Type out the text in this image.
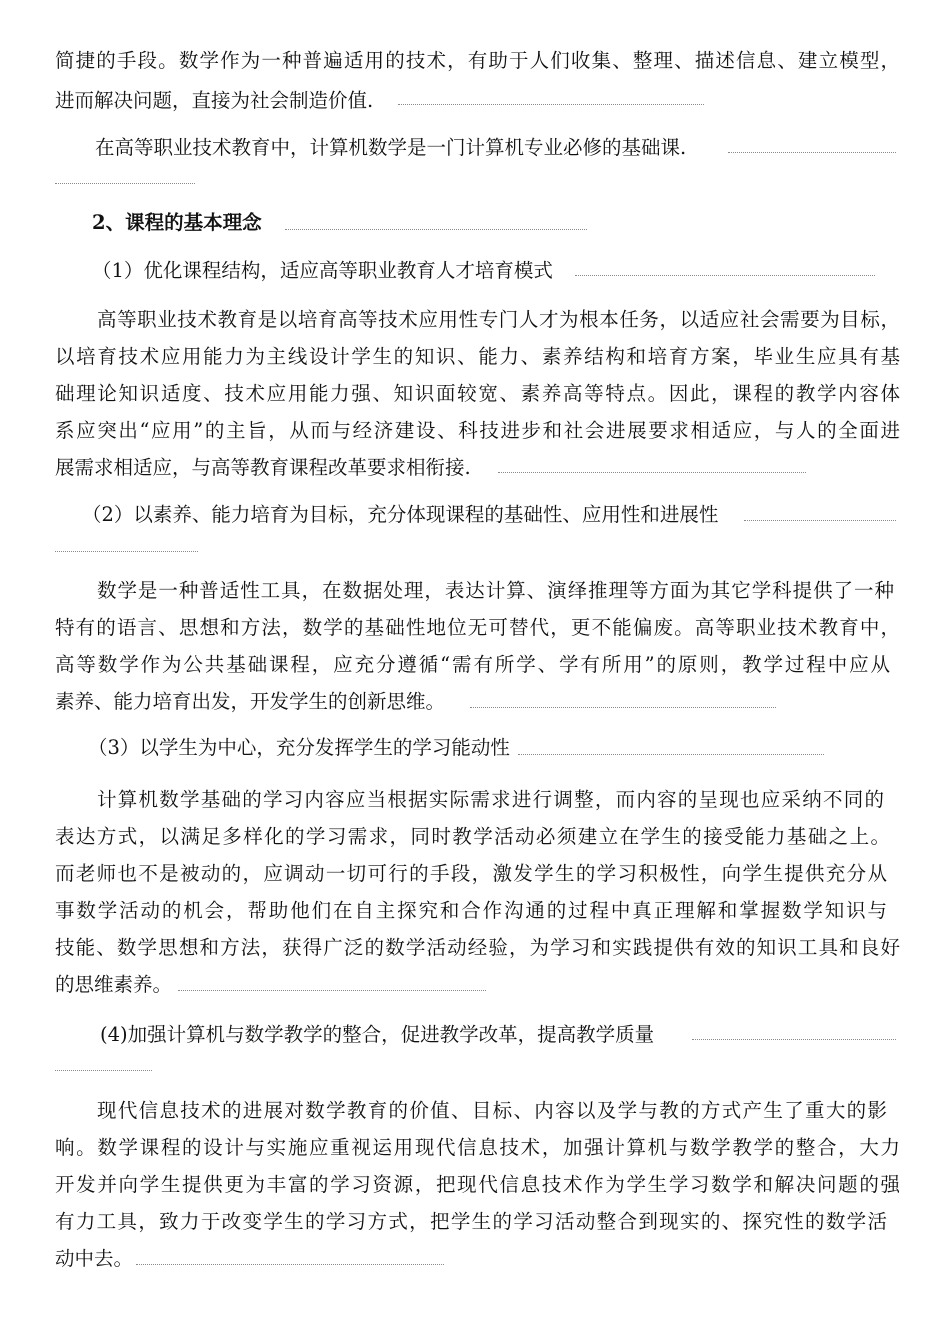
简捷的手段。数学作为一种普遍适用的技术，有助于人们收集、整理、描述信息、建立模型，
进而解决问题，直接为社会制造价值.
在高等职业技术教育中，计算机数学是一门计算机专业必修的基础课.
2、课程的基本理念
（1）优化课程结构，适应高等职业教育人才培育模式
高等职业技术教育是以培育高等技术应用性专门人才为根本任务，以适应社会需要为目标，
以培育技术应用能力为主线设计学生的知识、能力、素养结构和培育方案，毕业生应具有基
础理论知识适度、技术应用能力强、知识面较宽、素养高等特点。因此，课程的教学内容体
系应突出“应用”的主旨，从而与经济建设、科技进步和社会进展要求相适应，与人的全面进
展需求相适应，与高等教育课程改革要求相衔接.
（2）以素养、能力培育为目标，充分体现课程的基础性、应用性和进展性
数学是一种普适性工具，在数据处理，表达计算、演绎推理等方面为其它学科提供了一种
特有的语言、思想和方法，数学的基础性地位无可替代，更不能偏废。高等职业技术教育中，
高等数学作为公共基础课程，应充分遵循“需有所学、学有所用”的原则，教学过程中应从
素养、能力培育出发，开发学生的创新思维。
（3）以学生为中心，充分发挥学生的学习能动性
计算机数学基础的学习内容应当根据实际需求进行调整，而内容的呈现也应采纳不同的
表达方式，以满足多样化的学习需求，同时教学活动必须建立在学生的接受能力基础之上。
而老师也不是被动的，应调动一切可行的手段，激发学生的学习积极性，向学生提供充分从
事数学活动的机会，帮助他们在自主探究和合作沟通的过程中真正理解和掌握数学知识与
技能、数学思想和方法，获得广泛的数学活动经验，为学习和实践提供有效的知识工具和良好
的思维素养。
(4)加强计算机与数学教学的整合，促进教学改革，提高教学质量
现代信息技术的进展对数学教育的价值、目标、内容以及学与教的方式产生了重大的影
响。数学课程的设计与实施应重视运用现代信息技术，加强计算机与数学教学的整合，大力
开发并向学生提供更为丰富的学习资源，把现代信息技术作为学生学习数学和解决问题的强
有力工具，致力于改变学生的学习方式，把学生的学习活动整合到现实的、探究性的数学活
动中去。
